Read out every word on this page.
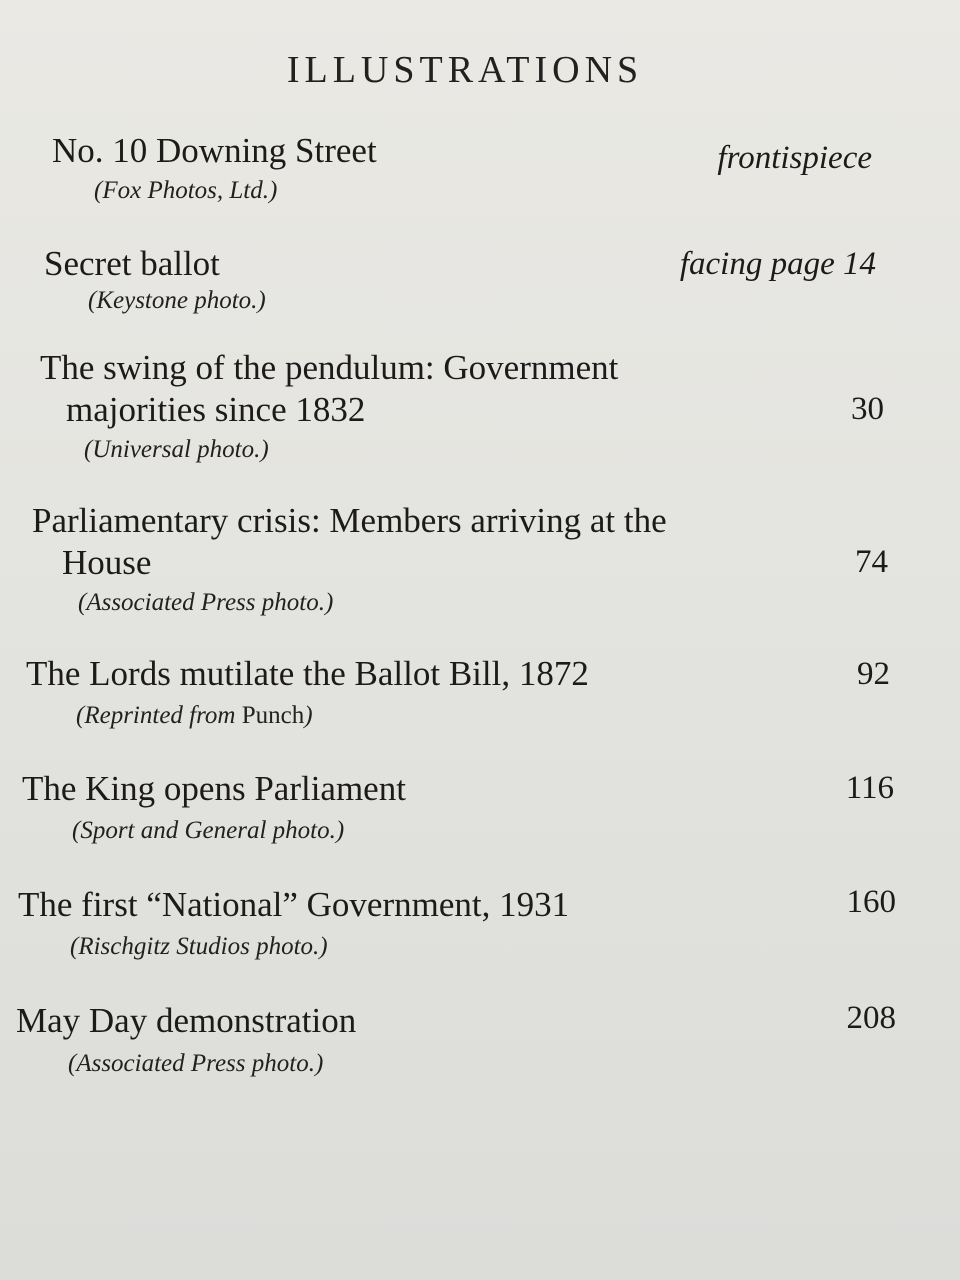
ILLUSTRATIONS
No. 10 Downing Street
(Fox Photos, Ltd.)
frontispiece
Secret ballot
(Keystone photo.)
facing page 14
The swing of the pendulum: Government
majorities since 1832
(Universal photo.)
30
Parliamentary crisis: Members arriving at the
House
(Associated Press photo.)
74
The Lords mutilate the Ballot Bill, 1872
(Reprinted from Punch)
92
The King opens Parliament
(Sport and General photo.)
116
The first “National” Government, 1931
(Rischgitz Studios photo.)
160
May Day demonstration
(Associated Press photo.)
208
